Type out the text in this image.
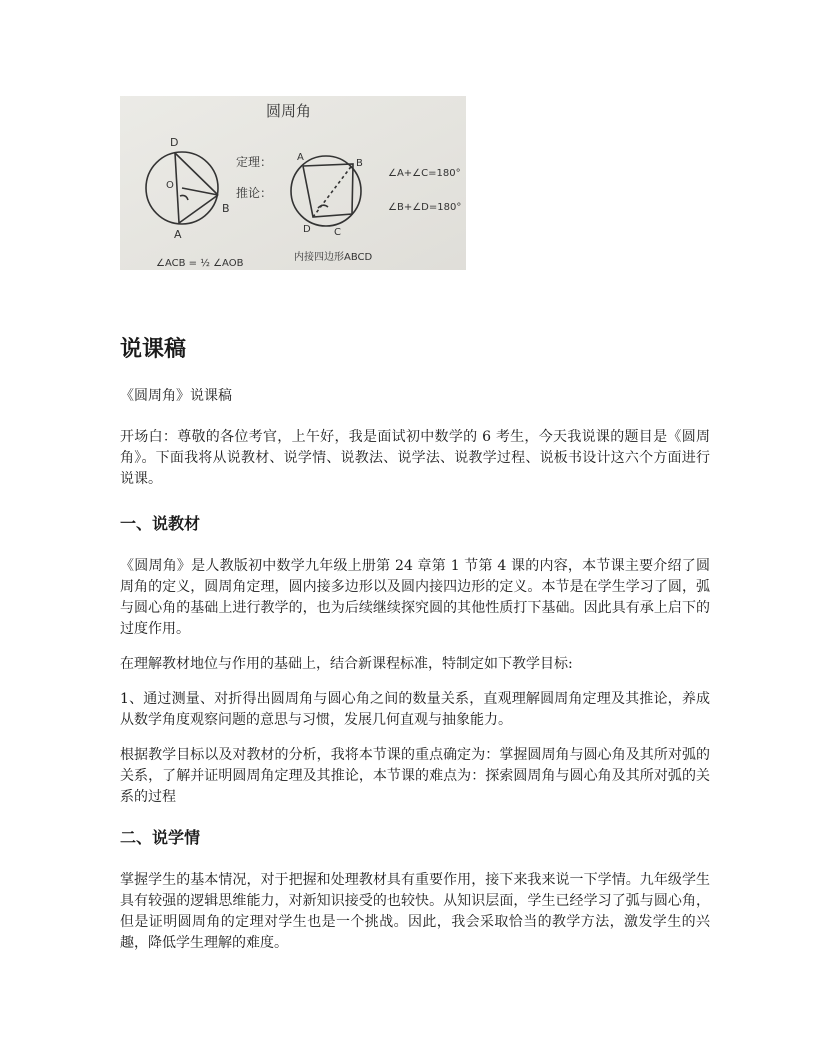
圆周角
D
O
B
A
定理：
推论：
A
B
D C
∠A+∠C=180°
∠B+∠D=180°
∠ACB = ½ ∠AOB
内接四边形ABCD
说课稿

《圆周角》说课稿

开场白：尊敬的各位考官，上午好，我是面试初中数学的 6 考生，今天我说课的题目是《圆周角》。下面我将从说教材、说学情、说教法、说学法、说教学过程、说板书设计这六个方面进行说课。

一、说教材

《圆周角》是人教版初中数学九年级上册第 24 章第 1 节第 4 课的内容，本节课主要介绍了圆周角的定义，圆周角定理，圆内接多边形以及圆内接四边形的定义。本节是在学生学习了圆，弧与圆心角的基础上进行教学的，也为后续继续探究圆的其他性质打下基础。因此具有承上启下的过度作用。

在理解教材地位与作用的基础上，结合新课程标准，特制定如下教学目标:

1、通过测量、对折得出圆周角与圆心角之间的数量关系，直观理解圆周角定理及其推论，养成从数学角度观察问题的意思与习惯，发展几何直观与抽象能力。

根据教学目标以及对教材的分析，我将本节课的重点确定为：掌握圆周角与圆心角及其所对弧的关系，了解并证明圆周角定理及其推论，本节课的难点为：探索圆周角与圆心角及其所对弧的关系的过程

二、说学情

掌握学生的基本情况，对于把握和处理教材具有重要作用，接下来我来说一下学情。九年级学生具有较强的逻辑思维能力，对新知识接受的也较快。从知识层面，学生已经学习了弧与圆心角，但是证明圆周角的定理对学生也是一个挑战。因此，我会采取恰当的教学方法，激发学生的兴趣，降低学生理解的难度。
